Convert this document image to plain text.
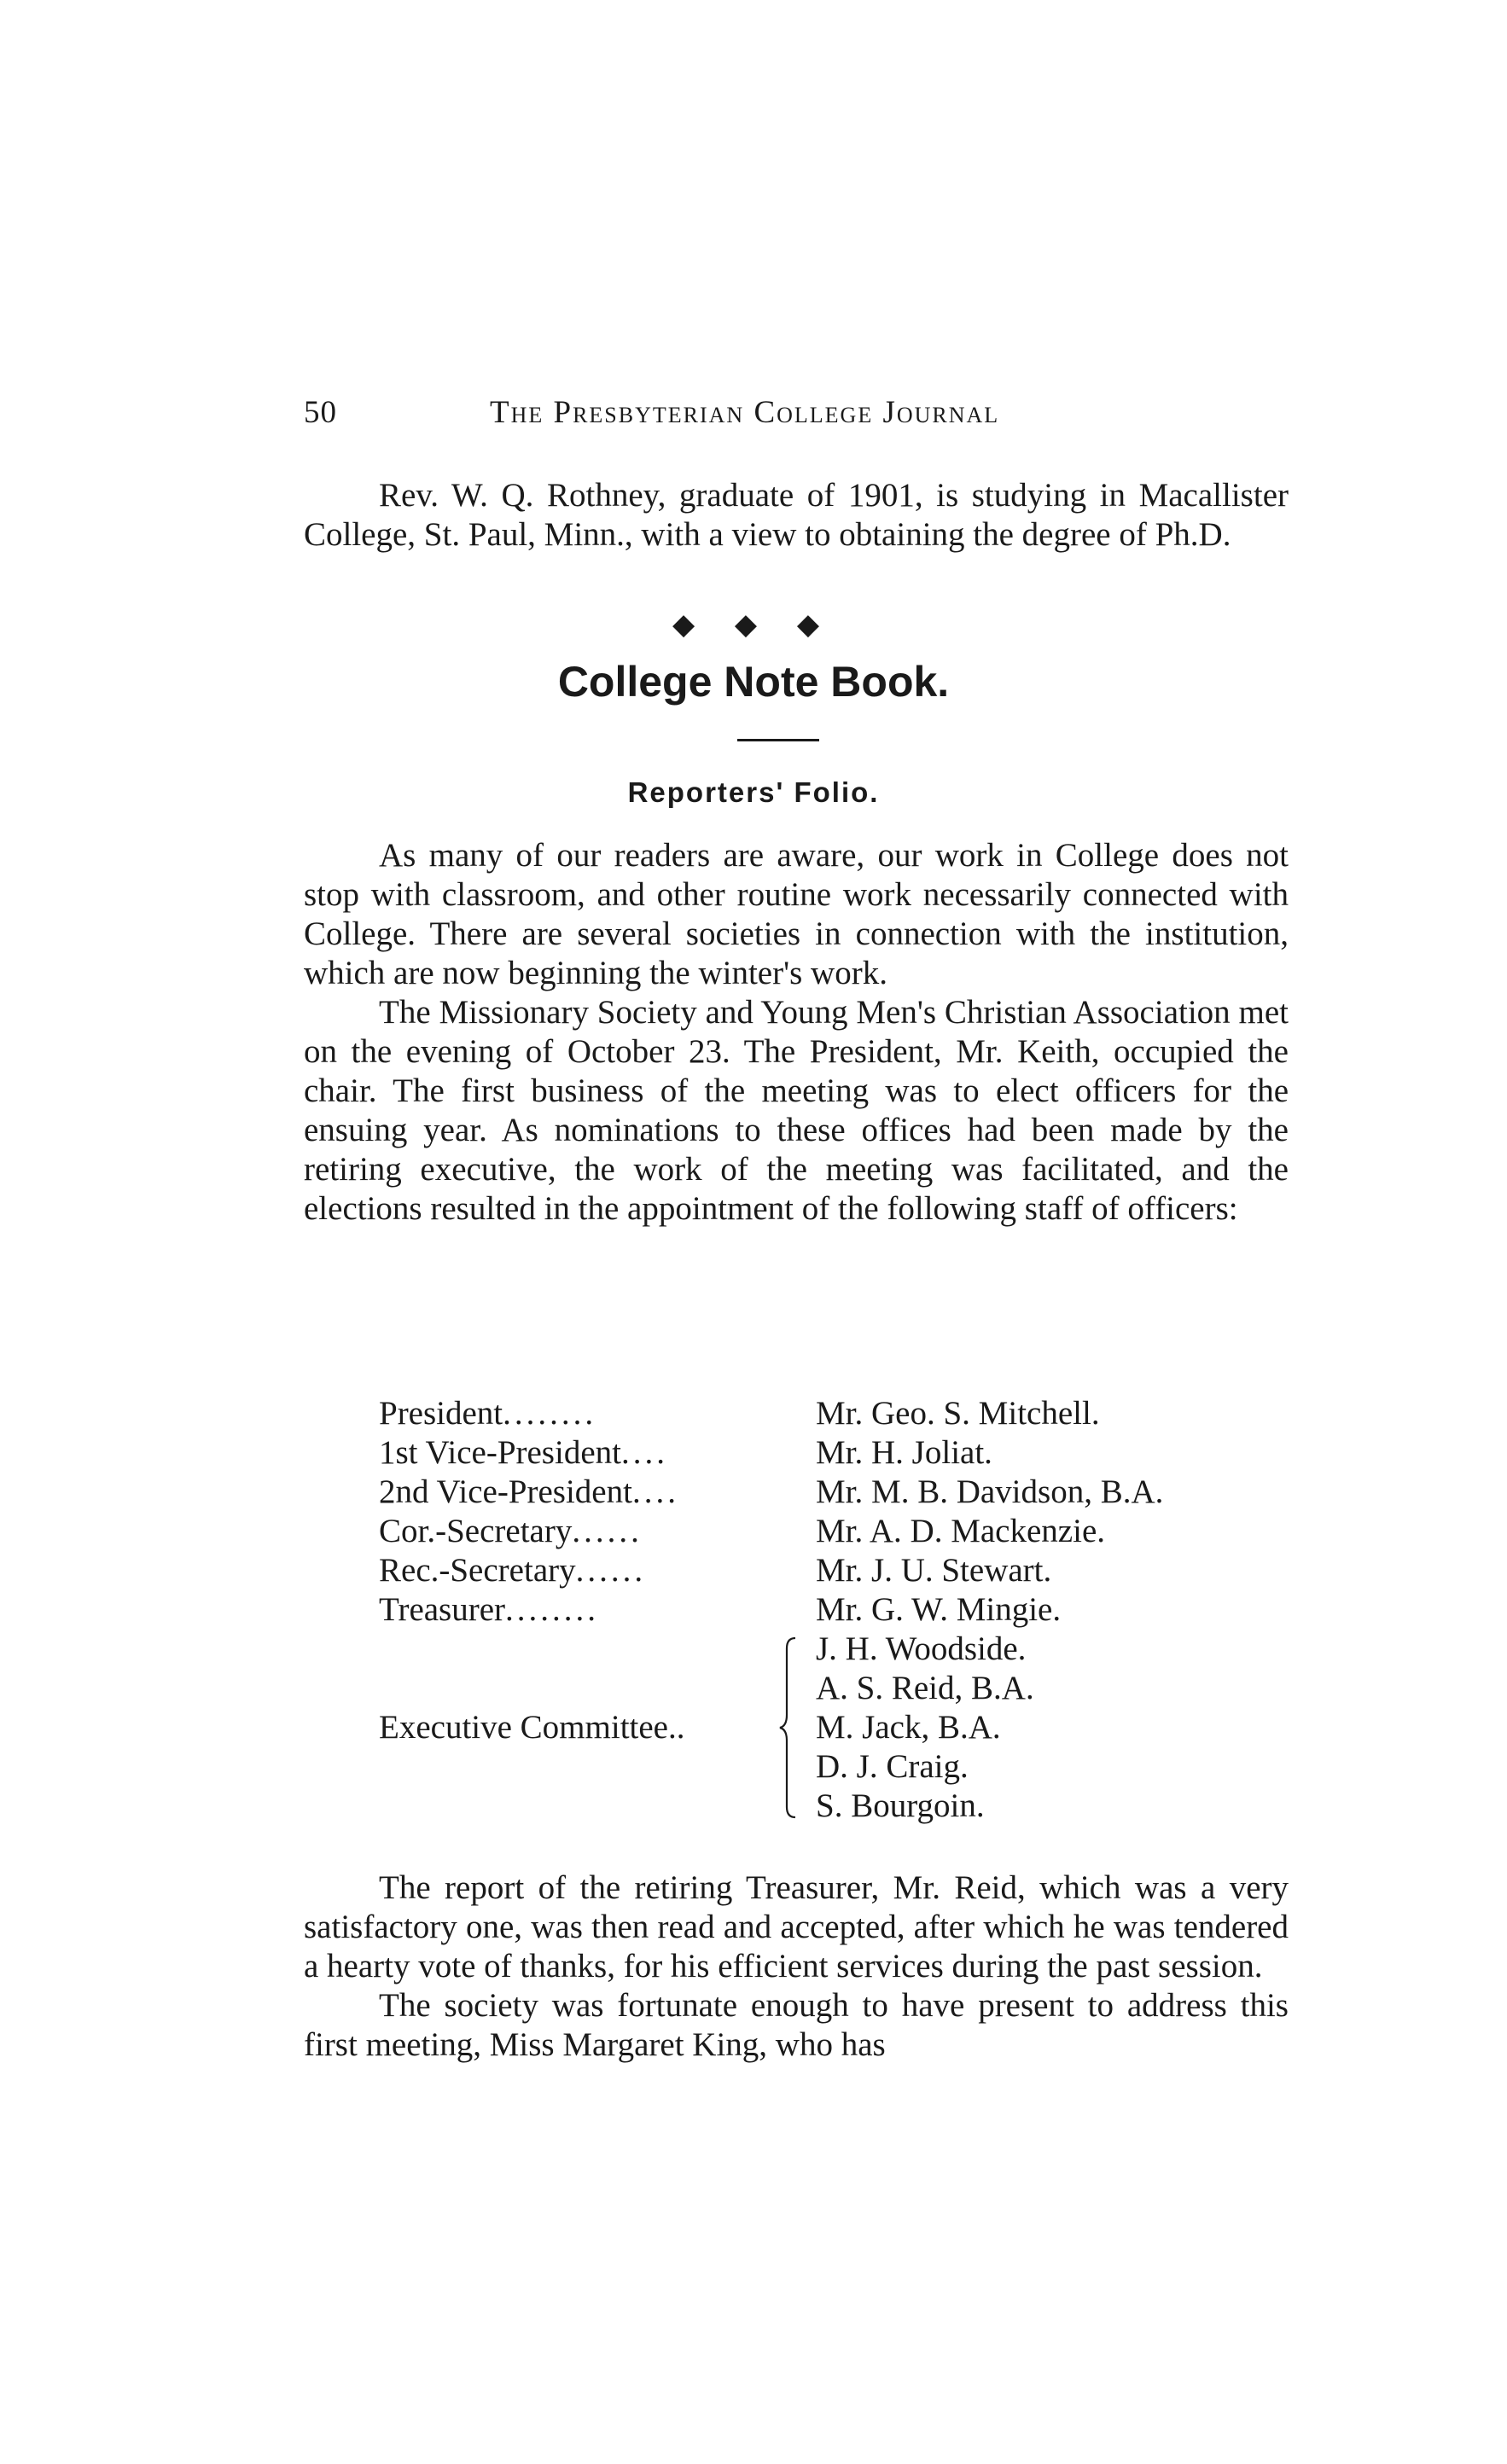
50	The Presbyterian College Journal

Rev. W. Q. Rothney, graduate of 1901, is studying in Macallister College, St. Paul, Minn., with a view to obtaining the degree of Ph.D.

◆ ◆ ◆
College Note Book.
Reporters' Folio.

As many of our readers are aware, our work in College does not stop with classroom, and other routine work necessarily connected with College. There are several societies in connection with the institution, which are now beginning the winter's work.

The Missionary Society and Young Men's Christian Association met on the evening of October 23. The President, Mr. Keith, occupied the chair. The first business of the meeting was to elect officers for the ensuing year. As nominations to these offices had been made by the retiring executive, the work of the meeting was facilitated, and the elections resulted in the appointment of the following staff of officers:

President........	Mr. Geo. S. Mitchell.
1st Vice-President....	Mr. H. Joliat.
2nd Vice-President....	Mr. M. B. Davidson, B.A.
Cor.-Secretary......	Mr. A. D. Mackenzie.
Rec.-Secretary......	Mr. J. U. Stewart.
Treasurer........	Mr. G. W. Mingie.
Executive Committee..
J. H. Woodside.
A. S. Reid, B.A.
M. Jack, B.A.
D. J. Craig.
S. Bourgoin.

The report of the retiring Treasurer, Mr. Reid, which was a very satisfactory one, was then read and accepted, after which he was tendered a hearty vote of thanks, for his efficient services during the past session.

The society was fortunate enough to have present to address this first meeting, Miss Margaret King, who has
